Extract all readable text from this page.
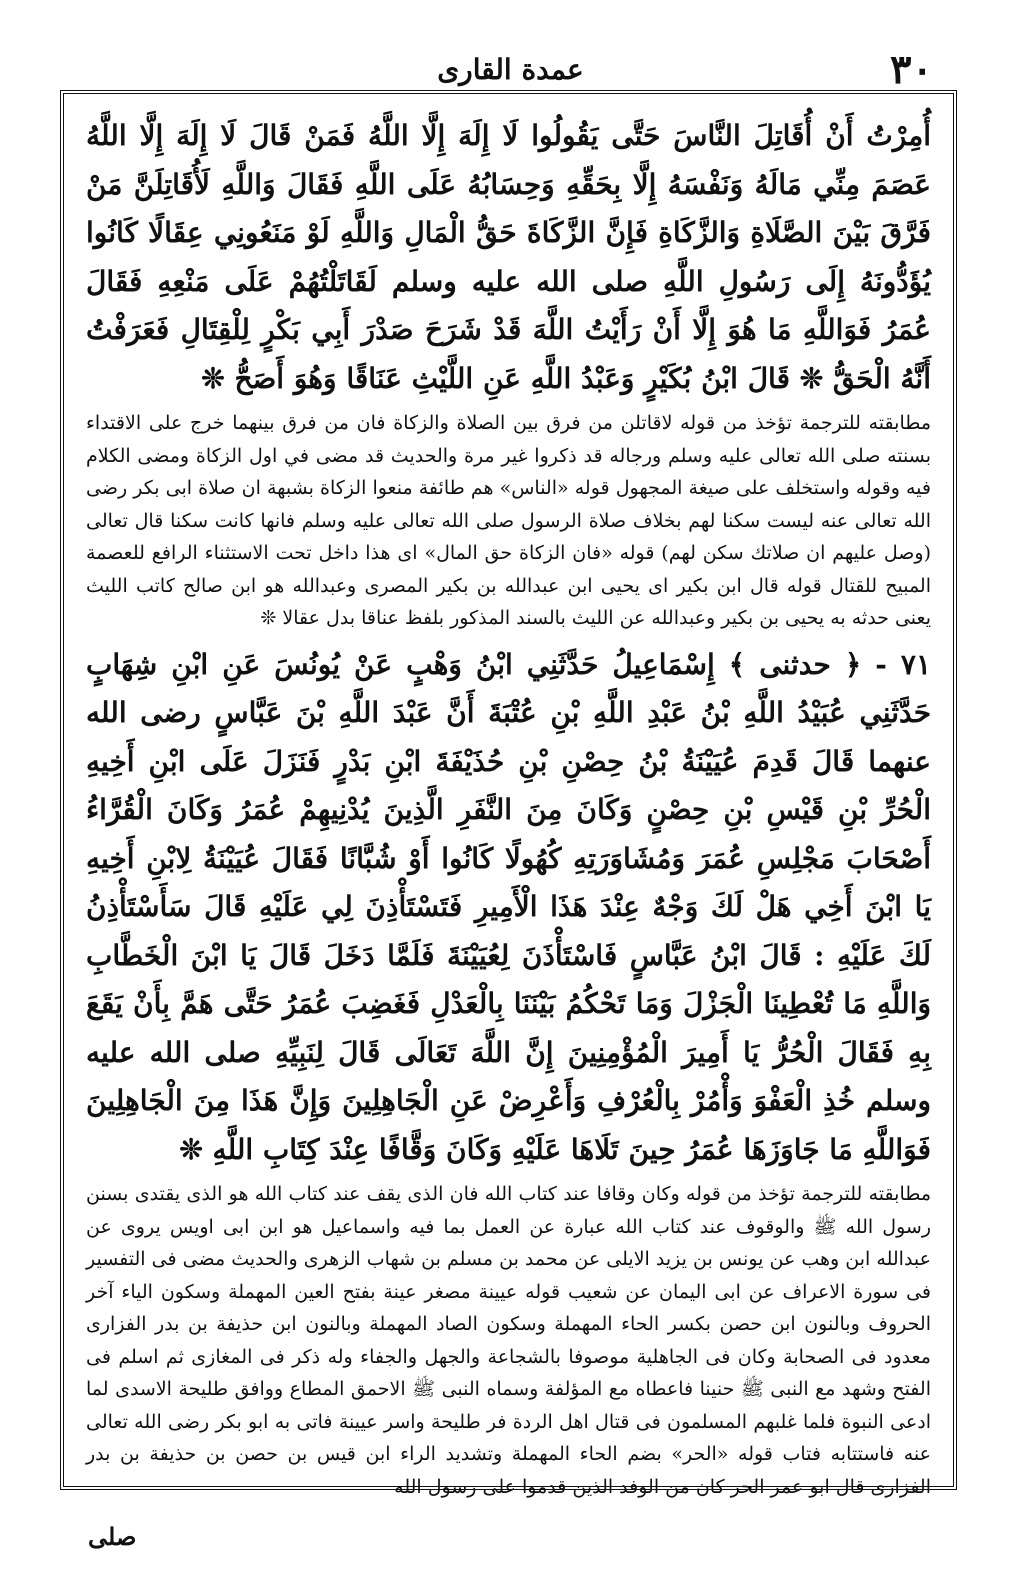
٣٠
عمدة القارى

أُمِرْتُ أَنْ أُقَاتِلَ النَّاسَ حَتَّى يَقُولُوا لَا إِلَهَ إِلَّا اللَّهُ فَمَنْ قَالَ لَا إِلَهَ إِلَّا اللَّهُ عَصَمَ مِنِّي مَالَهُ وَنَفْسَهُ إِلَّا بِحَقِّهِ وَحِسَابُهُ عَلَى اللَّهِ فَقَالَ وَاللَّهِ لَأُقَاتِلَنَّ مَنْ فَرَّقَ بَيْنَ الصَّلَاةِ وَالزَّكَاةِ فَإِنَّ الزَّكَاةَ حَقُّ الْمَالِ وَاللَّهِ لَوْ مَنَعُونِي عِقَالًا كَانُوا يُؤَدُّونَهُ إِلَى رَسُولِ اللَّهِ صلى الله عليه وسلم لَقَاتَلْتُهُمْ عَلَى مَنْعِهِ فَقَالَ عُمَرُ فَوَاللَّهِ مَا هُوَ إِلَّا أَنْ رَأَيْتُ اللَّهَ قَدْ شَرَحَ صَدْرَ أَبِي بَكْرٍ لِلْقِتَالِ فَعَرَفْتُ أَنَّهُ الْحَقُّ ❊ قَالَ ابْنُ بُكَيْرٍ وَعَبْدُ اللَّهِ عَنِ اللَّيْثِ عَنَاقًا وَهُوَ أَصَحُّ ❊

مطابقته للترجمة تؤخذ من قوله لاقاتلن من فرق بين الصلاة والزكاة فان من فرق بينهما خرج على الاقتداء بسنته صلى الله تعالى عليه وسلم ورجاله قد ذكروا غير مرة والحديث قد مضى في اول الزكاة ومضى الكلام فيه وقوله واستخلف على صيغة المجهول قوله «الناس» هم طائفة منعوا الزكاة بشبهة ان صلاة ابى بكر رضى الله تعالى عنه ليست سكنا لهم بخلاف صلاة الرسول صلى الله تعالى عليه وسلم فانها كانت سكنا قال تعالى (وصل عليهم ان صلاتك سكن لهم) قوله «فان الزكاة حق المال» اى هذا داخل تحت الاستثناء الرافع للعصمة المبيح للقتال قوله قال ابن بكير اى يحيى ابن عبدالله بن بكير المصرى وعبدالله هو ابن صالح كاتب الليث يعنى حدثه به يحيى بن بكير وعبدالله عن الليث بالسند المذكور بلفظ عناقا بدل عقالا ❊

٧١ - ﴿ حدثنى ﴾ إِسْمَاعِيلُ حَدَّثَنِي ابْنُ وَهْبٍ عَنْ يُونُسَ عَنِ ابْنِ شِهَابٍ حَدَّثَنِي عُبَيْدُ اللَّهِ بْنُ عَبْدِ اللَّهِ بْنِ عُتْبَةَ أَنَّ عَبْدَ اللَّهِ بْنَ عَبَّاسٍ رضى الله عنهما قَالَ قَدِمَ عُيَيْنَةُ بْنُ حِصْنِ بْنِ حُذَيْفَةَ ابْنِ بَدْرٍ فَنَزَلَ عَلَى ابْنِ أَخِيهِ الْحُرِّ بْنِ قَيْسِ بْنِ حِصْنٍ وَكَانَ مِنَ النَّفَرِ الَّذِينَ يُدْنِيهِمْ عُمَرُ وَكَانَ الْقُرَّاءُ أَصْحَابَ مَجْلِسِ عُمَرَ وَمُشَاوَرَتِهِ كُهُولًا كَانُوا أَوْ شُبَّانًا فَقَالَ عُيَيْنَةُ لِابْنِ أَخِيهِ يَا ابْنَ أَخِي هَلْ لَكَ وَجْهٌ عِنْدَ هَذَا الْأَمِيرِ فَتَسْتَأْذِنَ لِي عَلَيْهِ قَالَ سَأَسْتَأْذِنُ لَكَ عَلَيْهِ : قَالَ ابْنُ عَبَّاسٍ فَاسْتَأْذَنَ لِعُيَيْنَةَ فَلَمَّا دَخَلَ قَالَ يَا ابْنَ الْخَطَّابِ وَاللَّهِ مَا تُعْطِينَا الْجَزْلَ وَمَا تَحْكُمُ بَيْنَنَا بِالْعَدْلِ فَغَضِبَ عُمَرُ حَتَّى هَمَّ بِأَنْ يَقَعَ بِهِ فَقَالَ الْحُرُّ يَا أَمِيرَ الْمُؤْمِنِينَ إِنَّ اللَّهَ تَعَالَى قَالَ لِنَبِيِّهِ صلى الله عليه وسلم خُذِ الْعَفْوَ وَأْمُرْ بِالْعُرْفِ وَأَعْرِضْ عَنِ الْجَاهِلِينَ وَإِنَّ هَذَا مِنَ الْجَاهِلِينَ فَوَاللَّهِ مَا جَاوَزَهَا عُمَرُ حِينَ تَلَاهَا عَلَيْهِ وَكَانَ وَقَّافًا عِنْدَ كِتَابِ اللَّهِ ❊

مطابقته للترجمة تؤخذ من قوله وكان وقافا عند كتاب الله فان الذى يقف عند كتاب الله هو الذى يقتدى بسنن رسول الله ﷺ والوقوف عند كتاب الله عبارة عن العمل بما فيه واسماعيل هو ابن ابى اويس يروى عن عبدالله ابن وهب عن يونس بن يزيد الايلى عن محمد بن مسلم بن شهاب الزهرى والحديث مضى فى التفسير فى سورة الاعراف عن ابى اليمان عن شعيب قوله عيينة مصغر عينة بفتح العين المهملة وسكون الياء آخر الحروف وبالنون ابن حصن بكسر الحاء المهملة وسكون الصاد المهملة وبالنون ابن حذيفة بن بدر الفزارى معدود فى الصحابة وكان فى الجاهلية موصوفا بالشجاعة والجهل والجفاء وله ذكر فى المغازى ثم اسلم فى الفتح وشهد مع النبى ﷺ حنينا فاعطاه مع المؤلفة وسماه النبى ﷺ الاحمق المطاع ووافق طليحة الاسدى لما ادعى النبوة فلما غلبهم المسلمون فى قتال اهل الردة فر طليحة واسر عيينة فاتى به ابو بكر رضى الله تعالى عنه فاستتابه فتاب قوله «الحر» بضم الحاء المهملة وتشديد الراء ابن قيس بن حصن بن حذيفة بن بدر الفزارى قال ابو عمر الحر كان من الوفد الذين قدموا على رسول الله

صلى
